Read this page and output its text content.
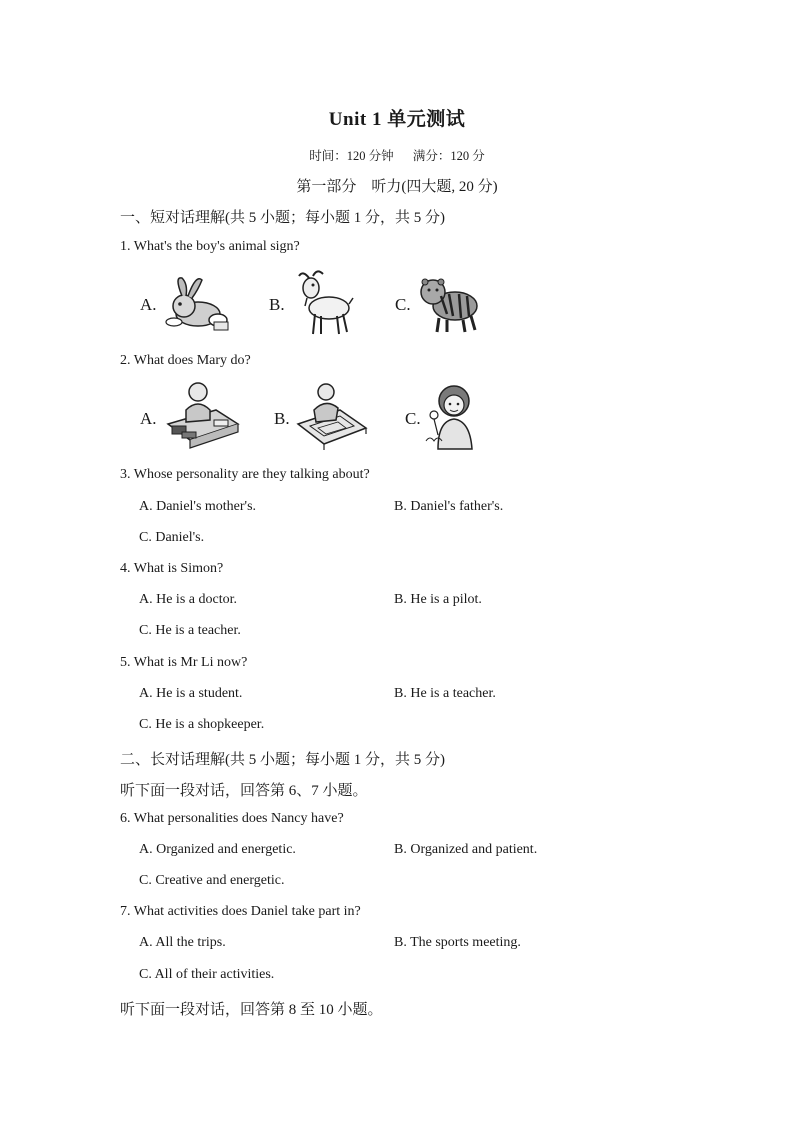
Unit 1 单元测试
时间：120 分钟 满分：120 分
第一部分　听力(四大题, 20 分)
一、短对话理解(共 5 小题；每小题 1 分，共 5 分)
1. What's the boy's animal sign?
A.	B.	C.
2. What does Mary do?
A.	B.	C.
3. Whose personality are they talking about?
A. Daniel's mother's.	B. Daniel's father's.
C. Daniel's.
4. What is Simon?
A. He is a doctor.	B. He is a pilot.
C. He is a teacher.
5. What is Mr Li now?
A. He is a student.	B. He is a teacher.
C. He is a shopkeeper.
二、长对话理解(共 5 小题；每小题 1 分，共 5 分)
听下面一段对话，回答第 6、7 小题。
6. What personalities does Nancy have?
A. Organized and energetic.	B. Organized and patient.
C. Creative and energetic.
7. What activities does Daniel take part in?
A. All the trips.	B. The sports meeting.
C. All of their activities.
听下面一段对话，回答第 8 至 10 小题。
